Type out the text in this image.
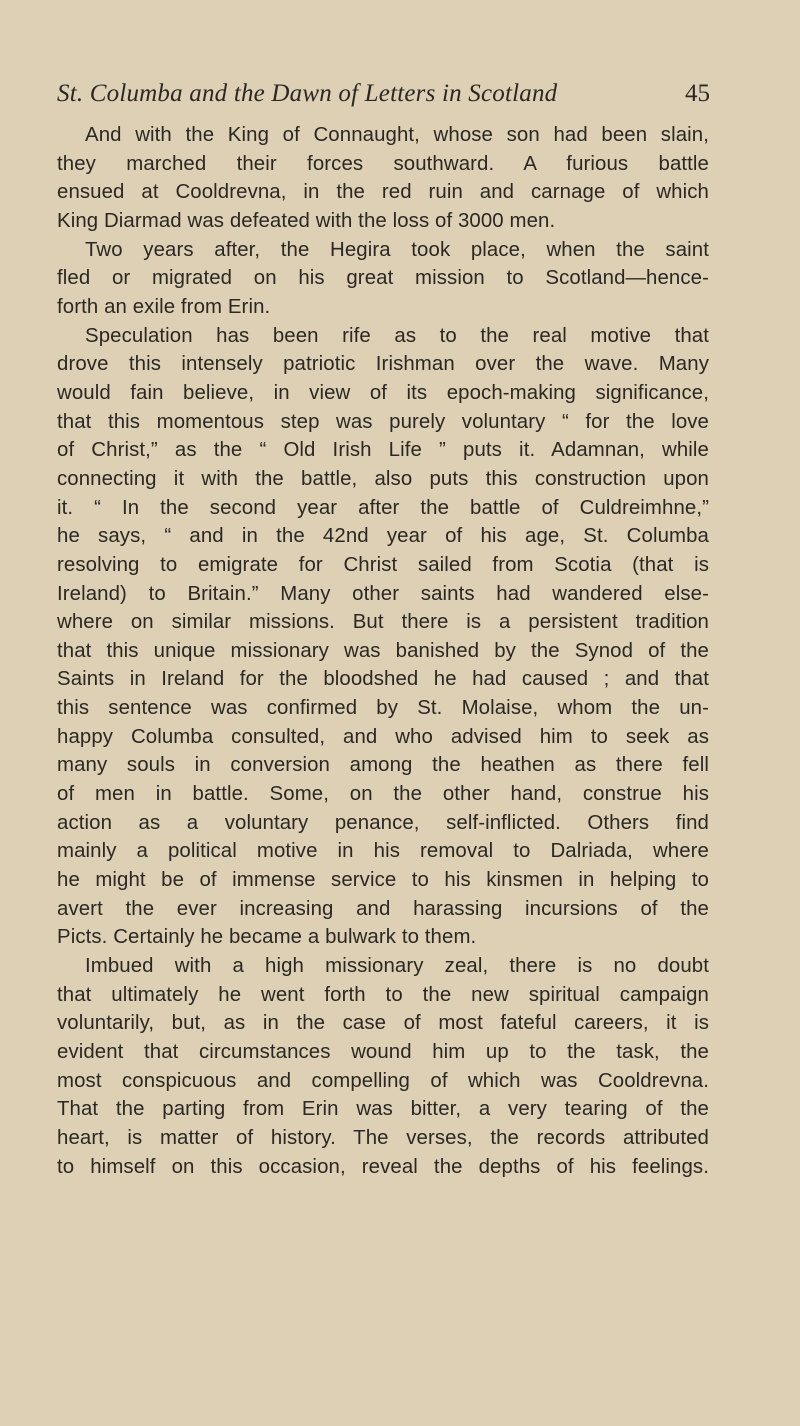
St. Columba and the Dawn of Letters in Scotland	45
And with the King of Connaught, whose son had been slain,
they marched their forces southward. A furious battle
ensued at Cooldrevna, in the red ruin and carnage of which
King Diarmad was defeated with the loss of 3000 men.
Two years after, the Hegira took place, when the saint
fled or migrated on his great mission to Scotland—hence-
forth an exile from Erin.
Speculation has been rife as to the real motive that
drove this intensely patriotic Irishman over the wave. Many
would fain believe, in view of its epoch-making significance,
that this momentous step was purely voluntary “ for the love
of Christ,” as the “ Old Irish Life ” puts it. Adamnan, while
connecting it with the battle, also puts this construction upon
it. “ In the second year after the battle of Culdreimhne,”
he says, “ and in the 42nd year of his age, St. Columba
resolving to emigrate for Christ sailed from Scotia (that is
Ireland) to Britain.” Many other saints had wandered else-
where on similar missions. But there is a persistent tradition
that this unique missionary was banished by the Synod of the
Saints in Ireland for the bloodshed he had caused ; and that
this sentence was confirmed by St. Molaise, whom the un-
happy Columba consulted, and who advised him to seek as
many souls in conversion among the heathen as there fell
of men in battle. Some, on the other hand, construe his
action as a voluntary penance, self-inflicted. Others find
mainly a political motive in his removal to Dalriada, where
he might be of immense service to his kinsmen in helping to
avert the ever increasing and harassing incursions of the
Picts. Certainly he became a bulwark to them.
Imbued with a high missionary zeal, there is no doubt
that ultimately he went forth to the new spiritual campaign
voluntarily, but, as in the case of most fateful careers, it is
evident that circumstances wound him up to the task, the
most conspicuous and compelling of which was Cooldrevna.
That the parting from Erin was bitter, a very tearing of the
heart, is matter of history. The verses, the records attributed
to himself on this occasion, reveal the depths of his feelings.
